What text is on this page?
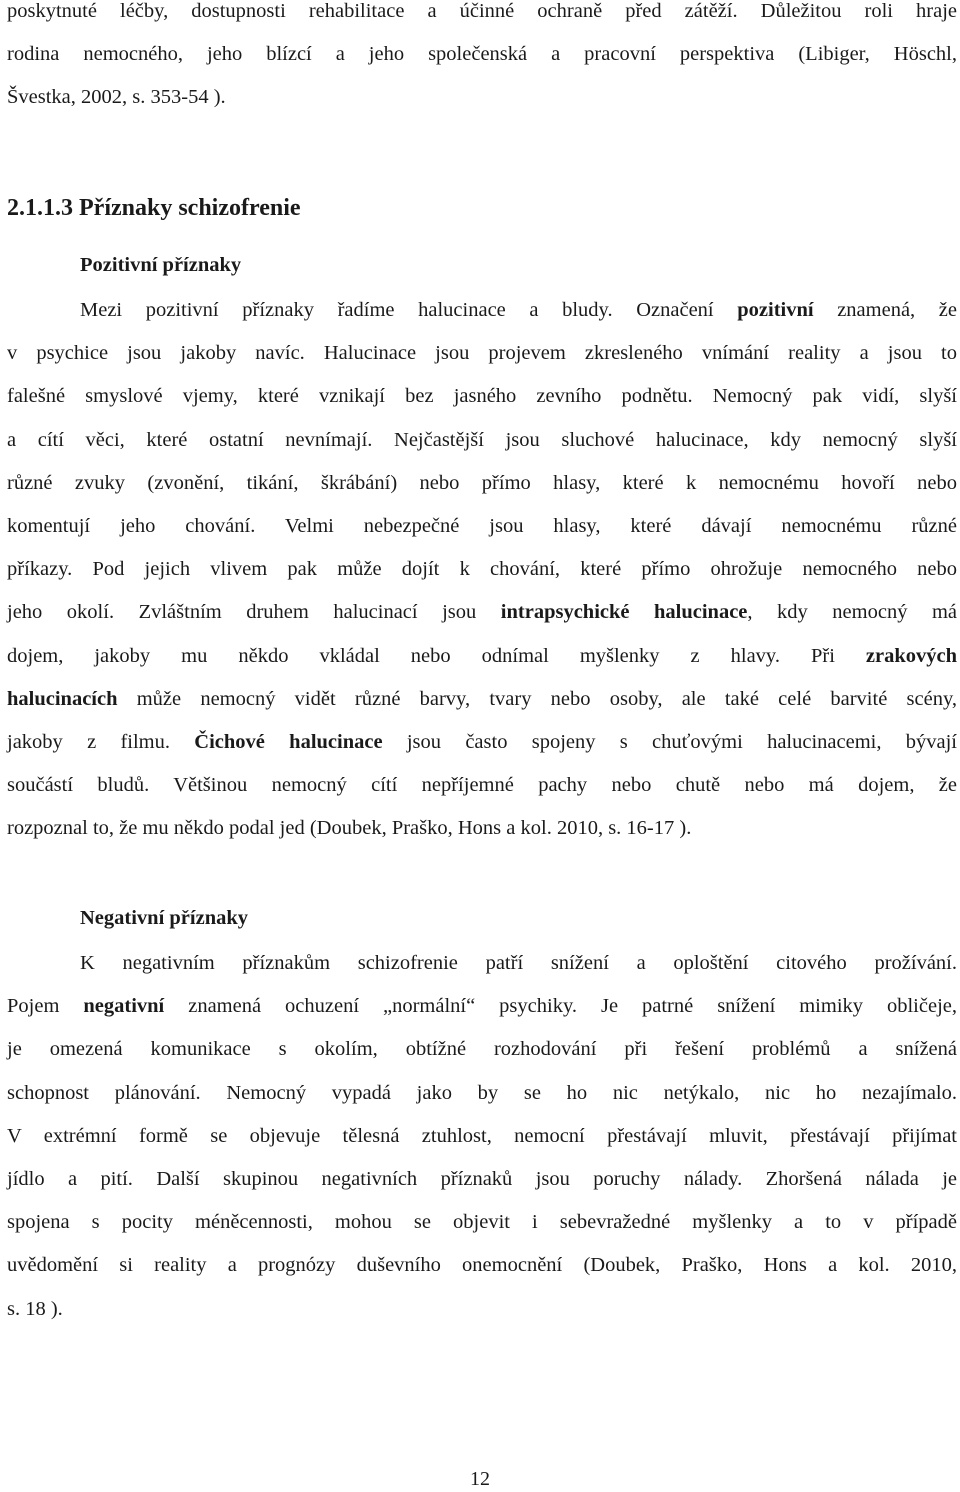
poskytnuté léčby, dostupnosti rehabilitace a účinné ochraně před zátěží. Důležitou roli hraje
rodina nemocného, jeho blízcí a jeho společenská a pracovní perspektiva (Libiger, Höschl,
Švestka, 2002, s. 353-54 ).
2.1.1.3 Příznaky schizofrenie
Pozitivní příznaky
Mezi pozitivní příznaky řadíme halucinace a bludy. Označení pozitivní znamená, že
v psychice jsou jakoby navíc. Halucinace jsou projevem zkresleného vnímání reality a jsou to
falešné smyslové vjemy, které vznikají bez jasného zevního podnětu. Nemocný pak vidí, slyší
a cítí věci, které ostatní nevnímají. Nejčastější jsou sluchové halucinace, kdy nemocný slyší
různé zvuky (zvonění, tikání, škrábání) nebo přímo hlasy, které k nemocnému hovoří nebo
komentují jeho chování. Velmi nebezpečné jsou hlasy, které dávají nemocnému různé
příkazy. Pod jejich vlivem pak může dojít k chování, které přímo ohrožuje nemocného nebo
jeho okolí. Zvláštním druhem halucinací jsou intrapsychické halucinace, kdy nemocný má
dojem, jakoby mu někdo vkládal nebo odnímal myšlenky z hlavy. Při zrakových
halucinacích může nemocný vidět různé barvy, tvary nebo osoby, ale také celé barvité scény,
jakoby z filmu. Čichové halucinace jsou často spojeny s chuťovými halucinacemi, bývají
součástí bludů. Většinou nemocný cítí nepříjemné pachy nebo chutě nebo má dojem, že
rozpoznal to, že mu někdo podal jed (Doubek, Praško, Hons a kol. 2010, s. 16-17 ).
Negativní příznaky
K negativním příznakům schizofrenie patří snížení a oploštění citového prožívání.
Pojem negativní znamená ochuzení „normální“ psychiky. Je patrné snížení mimiky obličeje,
je omezená komunikace s okolím, obtížné rozhodování při řešení problémů a snížená
schopnost plánování. Nemocný vypadá jako by se ho nic netýkalo, nic ho nezajímalo.
V extrémní formě se objevuje tělesná ztuhlost, nemocní přestávají mluvit, přestávají přijímat
jídlo a pití. Další skupinou negativních příznaků jsou poruchy nálady. Zhoršená nálada je
spojena s pocity méněcennosti, mohou se objevit i sebevražedné myšlenky a to v případě
uvědomění si reality a prognózy duševního onemocnění (Doubek, Praško, Hons a kol. 2010,
s. 18 ).
12
